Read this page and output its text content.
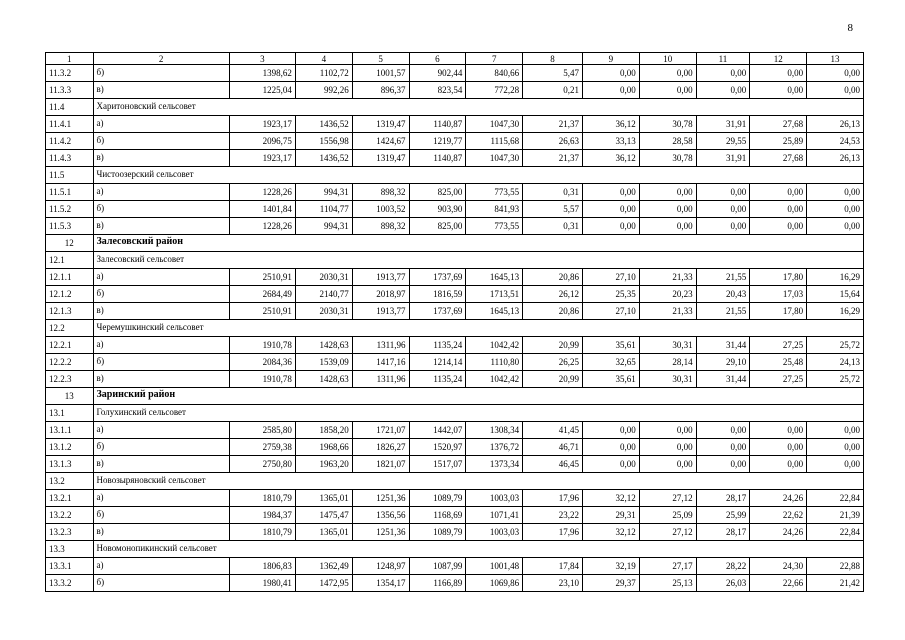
8
1	2	3	4	5	6	7	8	9	10	11	12	13
11.3.2	б)	1398,62	1102,72	1001,57	902,44	840,66	5,47	0,00	0,00	0,00	0,00	0,00
11.3.3	в)	1225,04	992,26	896,37	823,54	772,28	0,21	0,00	0,00	0,00	0,00	0,00
11.4	Харитоновский сельсовет											
11.4.1	а)	1923,17	1436,52	1319,47	1140,87	1047,30	21,37	36,12	30,78	31,91	27,68	26,13
11.4.2	б)	2096,75	1556,98	1424,67	1219,77	1115,68	26,63	33,13	28,58	29,55	25,89	24,53
11.4.3	в)	1923,17	1436,52	1319,47	1140,87	1047,30	21,37	36,12	30,78	31,91	27,68	26,13
11.5	Чистоозерский сельсовет											
11.5.1	а)	1228,26	994,31	898,32	825,00	773,55	0,31	0,00	0,00	0,00	0,00	0,00
11.5.2	б)	1401,84	1104,77	1003,52	903,90	841,93	5,57	0,00	0,00	0,00	0,00	0,00
11.5.3	в)	1228,26	994,31	898,32	825,00	773,55	0,31	0,00	0,00	0,00	0,00	0,00
12	Залесовский район											
12.1	Залесовский сельсовет											
12.1.1	а)	2510,91	2030,31	1913,77	1737,69	1645,13	20,86	27,10	21,33	21,55	17,80	16,29
12.1.2	б)	2684,49	2140,77	2018,97	1816,59	1713,51	26,12	25,35	20,23	20,43	17,03	15,64
12.1.3	в)	2510,91	2030,31	1913,77	1737,69	1645,13	20,86	27,10	21,33	21,55	17,80	16,29
12.2	Черемушкинский сельсовет											
12.2.1	а)	1910,78	1428,63	1311,96	1135,24	1042,42	20,99	35,61	30,31	31,44	27,25	25,72
12.2.2	б)	2084,36	1539,09	1417,16	1214,14	1110,80	26,25	32,65	28,14	29,10	25,48	24,13
12.2.3	в)	1910,78	1428,63	1311,96	1135,24	1042,42	20,99	35,61	30,31	31,44	27,25	25,72
13	Заринский район											
13.1	Голухинский сельсовет											
13.1.1	а)	2585,80	1858,20	1721,07	1442,07	1308,34	41,45	0,00	0,00	0,00	0,00	0,00
13.1.2	б)	2759,38	1968,66	1826,27	1520,97	1376,72	46,71	0,00	0,00	0,00	0,00	0,00
13.1.3	в)	2750,80	1963,20	1821,07	1517,07	1373,34	46,45	0,00	0,00	0,00	0,00	0,00
13.2	Новозыряновский сельсовет											
13.2.1	а)	1810,79	1365,01	1251,36	1089,79	1003,03	17,96	32,12	27,12	28,17	24,26	22,84
13.2.2	б)	1984,37	1475,47	1356,56	1168,69	1071,41	23,22	29,31	25,09	25,99	22,62	21,39
13.2.3	в)	1810,79	1365,01	1251,36	1089,79	1003,03	17,96	32,12	27,12	28,17	24,26	22,84
13.3	Новомонопикинский сельсовет											
13.3.1	а)	1806,83	1362,49	1248,97	1087,99	1001,48	17,84	32,19	27,17	28,22	24,30	22,88
13.3.2	б)	1980,41	1472,95	1354,17	1166,89	1069,86	23,10	29,37	25,13	26,03	22,66	21,42
